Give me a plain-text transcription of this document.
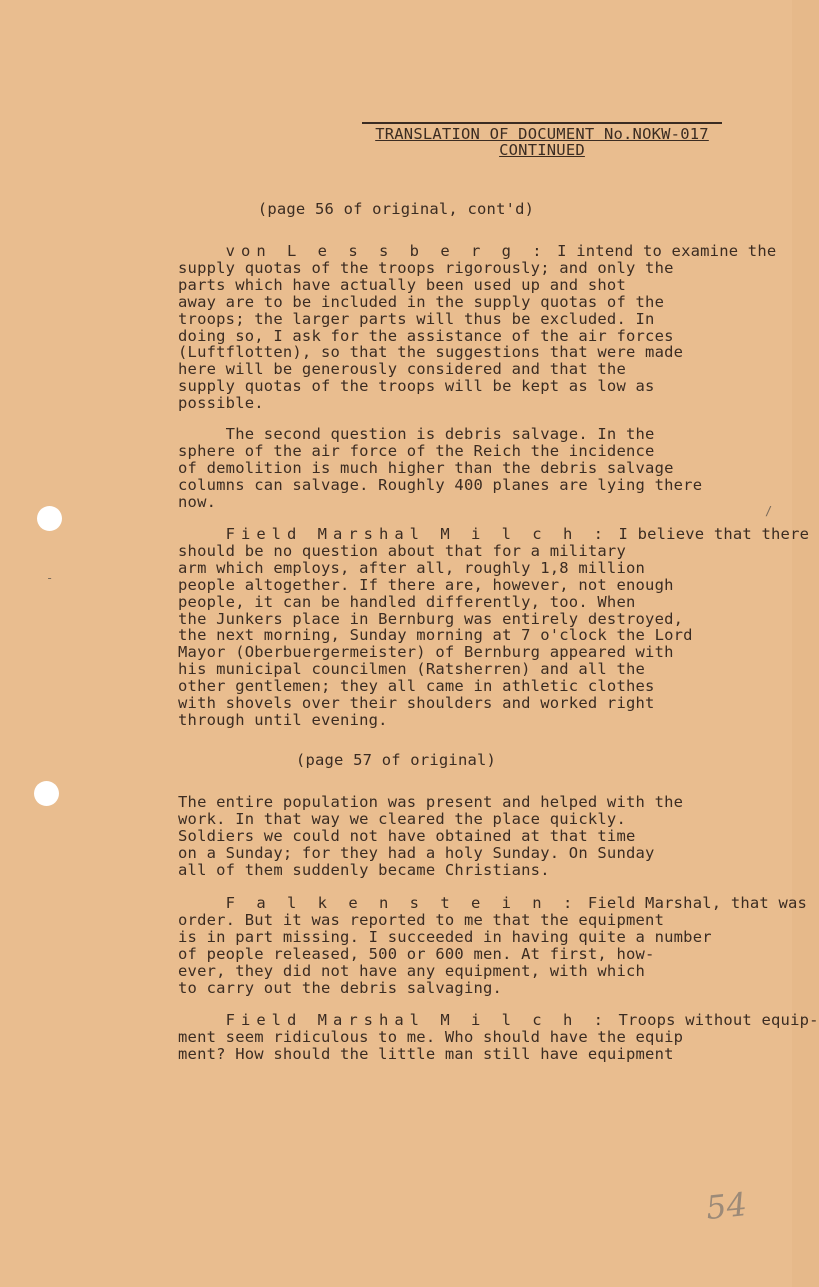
-
/
TRANSLATION OF DOCUMENT No.NOKW-017
CONTINUED
(page 56 of original, cont'd)
von L e s s b e r g : I intend to examine the
supply quotas of the troops rigorously; and only the
parts which have actually been used up and shot
away are to be included in the supply quotas of the
troops; the larger parts will thus be excluded. In
doing so, I ask for the assistance of the air forces
(Luftflotten), so that the suggestions that were made
here will be generously considered and that the
supply quotas of the troops will be kept as low as
possible.
The second question is debris salvage. In the
sphere of the air force of the Reich the incidence
of demolition is much higher than the debris salvage
columns can salvage. Roughly 400 planes are lying there
now.
Field Marshal M i l c h : I believe that there
should be no question about that for a military
arm which employs, after all, roughly 1,8 million
people altogether. If there are, however, not enough
people, it can be handled differently, too. When
the Junkers place in Bernburg was entirely destroyed,
the next morning, Sunday morning at 7 o'clock the Lord
Mayor (Oberbuergermeister) of Bernburg appeared with
his municipal councilmen (Ratsherren) and all the
other gentlemen; they all came in athletic clothes
with shovels over their shoulders and worked right
through until evening.
(page 57 of original)
The entire population was present and helped with the
work. In that way we cleared the place quickly.
Soldiers we could not have obtained at that time
on a Sunday; for they had a holy Sunday. On Sunday
all of them suddenly became Christians.
F a l k e n s t e i n : Field Marshal, that was
order. But it was reported to me that the equipment
is in part missing. I succeeded in having quite a number
of people released, 500 or 600 men. At first, how-
ever, they did not have any equipment, with which
to carry out the debris salvaging.
Field Marshal M i l c h : Troops without equip-
ment seem ridiculous to me. Who should have the equip
ment? How should the little man still have equipment
54
